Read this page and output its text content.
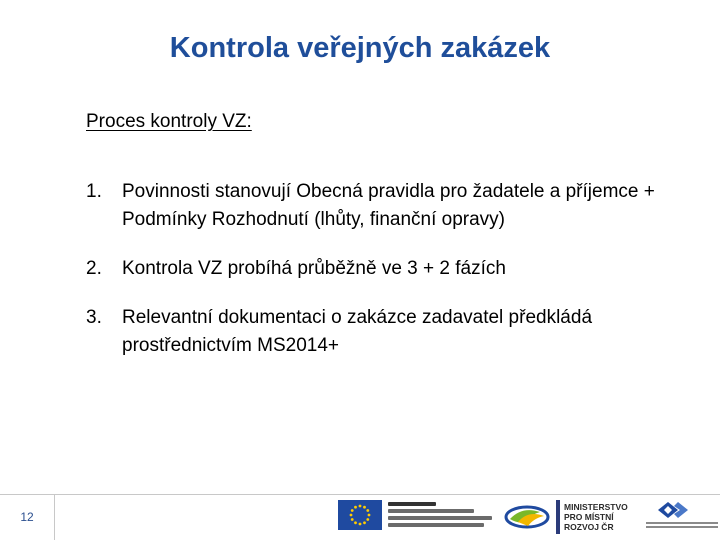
Kontrola veřejných zakázek
Proces kontroly VZ:
1. Povinnosti stanovují Obecná pravidla pro žadatele a příjemce + Podmínky Rozhodnutí (lhůty, finanční opravy)
2. Kontrola VZ probíhá průběžně ve 3 + 2 fázích
3. Relevantní dokumentaci o zakázce zadavatel předkládá prostřednictvím MS2014+
12
MINISTERSTVO
PRO MÍSTNÍ
ROZVOJ ČR
